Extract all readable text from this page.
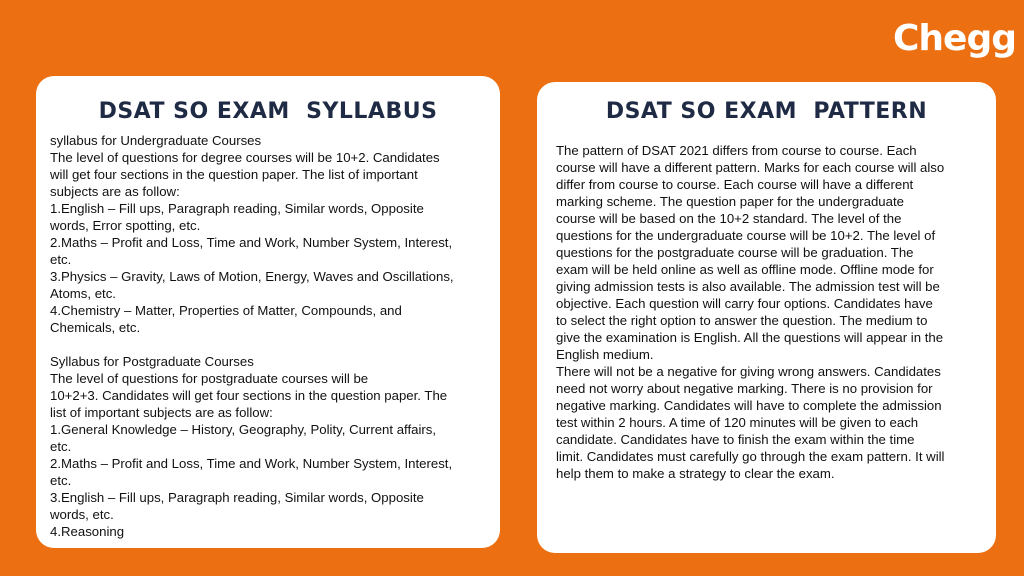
Chegg
DSAT SO EXAM  SYLLABUS
syllabus for Undergraduate Courses
The level of questions for degree courses will be 10+2. Candidates
will get four sections in the question paper. The list of important
subjects are as follow:
1.English – Fill ups, Paragraph reading, Similar words, Opposite
words, Error spotting, etc.
2.Maths – Profit and Loss, Time and Work, Number System, Interest,
etc.
3.Physics – Gravity, Laws of Motion, Energy, Waves and Oscillations,
Atoms, etc.
4.Chemistry – Matter, Properties of Matter, Compounds, and
Chemicals, etc.
Syllabus for Postgraduate Courses
The level of questions for postgraduate courses will be
10+2+3. Candidates will get four sections in the question paper. The
list of important subjects are as follow:
1.General Knowledge – History, Geography, Polity, Current affairs,
etc.
2.Maths – Profit and Loss, Time and Work, Number System, Interest,
etc.
3.English – Fill ups, Paragraph reading, Similar words, Opposite
words, etc.
4.Reasoning
DSAT SO EXAM  PATTERN
The pattern of DSAT 2021 differs from course to course. Each
course will have a different pattern. Marks for each course will also
differ from course to course. Each course will have a different
marking scheme. The question paper for the undergraduate
course will be based on the 10+2 standard. The level of the
questions for the undergraduate course will be 10+2. The level of
questions for the postgraduate course will be graduation. The
exam will be held online as well as offline mode. Offline mode for
giving admission tests is also available. The admission test will be
objective. Each question will carry four options. Candidates have
to select the right option to answer the question. The medium to
give the examination is English. All the questions will appear in the
English medium.
There will not be a negative for giving wrong answers. Candidates
need not worry about negative marking. There is no provision for
negative marking. Candidates will have to complete the admission
test within 2 hours. A time of 120 minutes will be given to each
candidate. Candidates have to finish the exam within the time
limit. Candidates must carefully go through the exam pattern. It will
help them to make a strategy to clear the exam.
